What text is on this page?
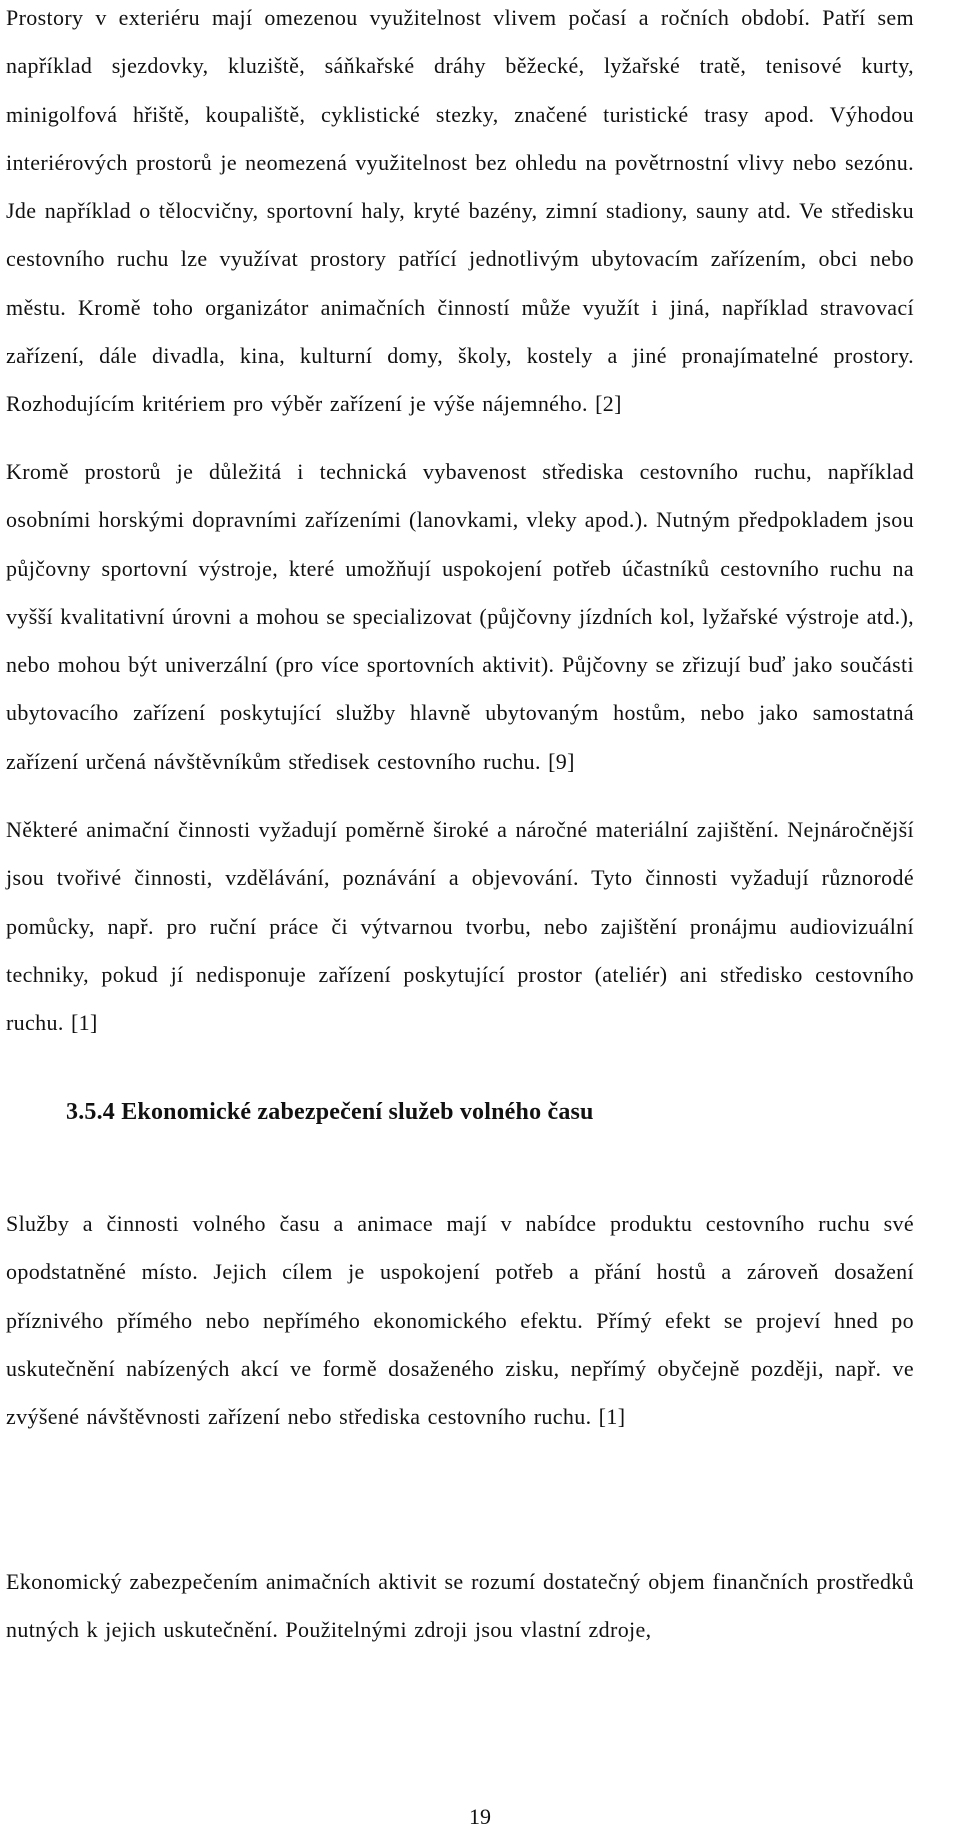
Prostory v exteriéru mají omezenou využitelnost vlivem počasí a ročních období. Patří sem například sjezdovky, kluziště, sáňkařské dráhy běžecké, lyžařské tratě, tenisové kurty, minigolfová hřiště, koupaliště, cyklistické stezky, značené turistické trasy apod. Výhodou interiérových prostorů je neomezená využitelnost bez ohledu na povětrnostní vlivy nebo sezónu. Jde například o tělocvičny, sportovní haly, kryté bazény, zimní stadiony, sauny atd. Ve středisku cestovního ruchu lze využívat prostory patřící jednotlivým ubytovacím zařízením, obci nebo městu. Kromě toho organizátor animačních činností může využít i jiná, například stravovací zařízení, dále divadla, kina, kulturní domy, školy, kostely a jiné pronajímatelné prostory. Rozhodujícím kritériem pro výběr zařízení je výše nájemného. [2]

Kromě prostorů je důležitá i technická vybavenost střediska cestovního ruchu, například osobními horskými dopravními zařízeními (lanovkami, vleky apod.). Nutným předpokladem jsou půjčovny sportovní výstroje, které umožňují uspokojení potřeb účastníků cestovního ruchu na vyšší kvalitativní úrovni a mohou se specializovat (půjčovny jízdních kol, lyžařské výstroje atd.), nebo mohou být univerzální (pro více sportovních aktivit). Půjčovny se zřizují buď jako součásti ubytovacího zařízení poskytující služby hlavně ubytovaným hostům, nebo jako samostatná zařízení určená návštěvníkům středisek cestovního ruchu. [9]

Některé animační činnosti vyžadují poměrně široké a náročné materiální zajištění. Nejnáročnější jsou tvořivé činnosti, vzdělávání, poznávání a objevování. Tyto činnosti vyžadují různorodé pomůcky, např. pro ruční práce či výtvarnou tvorbu, nebo zajištění pronájmu audiovizuální techniky, pokud jí nedisponuje zařízení poskytující prostor (ateliér) ani středisko cestovního ruchu. [1]

3.5.4 Ekonomické zabezpečení služeb volného času

Služby a činnosti volného času a animace mají v nabídce produktu cestovního ruchu své opodstatněné místo. Jejich cílem je uspokojení potřeb a přání hostů a zároveň dosažení příznivého přímého nebo nepřímého ekonomického efektu. Přímý efekt se projeví hned po uskutečnění nabízených akcí ve formě dosaženého zisku, nepřímý obyčejně později, např. ve zvýšené návštěvnosti zařízení nebo střediska cestovního ruchu. [1]

Ekonomický zabezpečením animačních aktivit se rozumí dostatečný objem finančních prostředků nutných k jejich uskutečnění. Použitelnými zdroji jsou vlastní zdroje,

19
